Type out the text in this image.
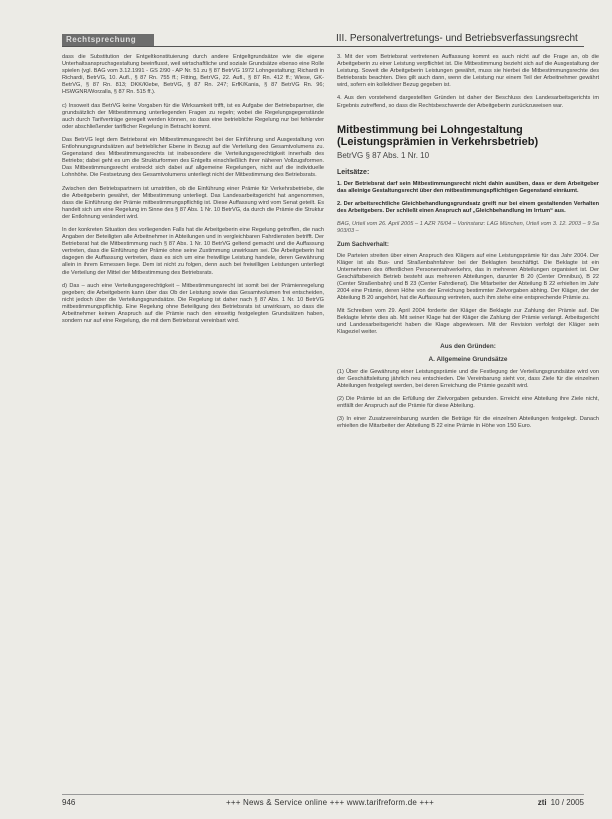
Rechtsprechung	III. Personalvertretungs- und Betriebsverfassungsrecht

dass die Substitution der Entgeltkonstituierung durch andere Entgeltgrundsätze wie die eigene Unterhaltsanspruchsgestaltung beeinflusst, weil wirtschaftliche und soziale Grundsätze ebenso eine Rolle spielen (vgl. BAG vom 3.12.1991 - GS 2/90 - AP Nr. 51 zu § 87 BetrVG 1972 Lohngestaltung; Richardi in Richardi, BetrVG, 10. Aufl., § 87 Rn. 755 ff.; Fitting, BetrVG, 22. Aufl., § 87 Rn. 412 ff.; Wiese, GK-BetrVG, § 87 Rn. 813; DKK/Klebe, BetrVG, § 87 Rn. 247; ErfK/Kania, § 87 BetrVG Rn. 96; HSWGNR/Worzalla, § 87 Rn. 515 ff.).

c) Insoweit das BetrVG keine Vorgaben für die Wirksamkeit trifft, ist es Aufgabe der Betriebspartner, die grundsätzlich der Mitbestimmung unterliegenden Fragen zu regeln; wobei die Regelungsgegenstände auch durch Tarifverträge geregelt werden können, so dass eine betriebliche Regelung nur bei fehlender oder abschließender tariflicher Regelung in Betracht kommt.

Das BetrVG legt dem Betriebsrat ein Mitbestimmungsrecht bei der Einführung und Ausgestaltung von Entlohnungsgrundsätzen auf betrieblicher Ebene in Bezug auf die Verteilung des Gesamtvolumens zu. Gegenstand des Mitbestimmungsrechts ist insbesondere die Verteilungsgerechtigkeit innerhalb des Betriebs; dabei geht es um die Strukturformen des Entgelts einschließlich ihrer näheren Vollzugsformen. Das Mitbestimmungsrecht erstreckt sich dabei auf allgemeine Regelungen, nicht auf die individuelle Lohnhöhe. Die Festsetzung des Gesamtvolumens unterliegt nicht der Mitbestimmung des Betriebsrats.

Zwischen den Betriebspartnern ist umstritten, ob die Einführung einer Prämie für Verkehrsbetriebe, die die Arbeitgeberin gewährt, der Mitbestimmung unterliegt. Das Landesarbeitsgericht hat angenommen, dass die Einführung der Prämie mitbestimmungspflichtig ist. Diese Auffassung wird vom Senat geteilt. Es handelt sich um eine Regelung im Sinne des § 87 Abs. 1 Nr. 10 BetrVG, da durch die Prämie die Struktur der Entlohnung verändert wird.

In der konkreten Situation des vorliegenden Falls hat die Arbeitgeberin eine Regelung getroffen, die nach Angaben der Beteiligten alle Arbeitnehmer in Abteilungen und in vergleichbaren Fahrdiensten betrifft. Der Betriebsrat hat die Mitbestimmung nach § 87 Abs. 1 Nr. 10 BetrVG geltend gemacht und die Auffassung vertreten, dass die Einführung der Prämie ohne seine Zustimmung unwirksam sei. Die Arbeitgeberin hat dagegen die Auffassung vertreten, dass es sich um eine freiwillige Leistung handele, deren Gewährung allein in ihrem Ermessen liege. Dem ist nicht zu folgen, denn auch bei freiwilligen Leistungen unterliegt die Verteilung der Mittel der Mitbestimmung des Betriebsrats.

d) Das – auch eine Verteilungsgerechtigkeit – Mitbestimmungsrecht ist somit bei der Prämienregelung gegeben; die Arbeitgeberin kann über das Ob der Leistung sowie das Gesamtvolumen frei entscheiden, nicht jedoch über die Verteilungsgrundsätze. Die Regelung ist daher nach § 87 Abs. 1 Nr. 10 BetrVG mitbestimmungspflichtig. Eine Regelung ohne Beteiligung des Betriebsrats ist unwirksam, so dass die Arbeitnehmer keinen Anspruch auf die Prämie nach den einseitig festgelegten Grundsätzen haben, sondern nur auf eine Regelung, die mit dem Betriebsrat vereinbart wird.

3. Mit der vom Betriebsrat vertretenen Auffassung kommt es auch nicht auf die Frage an, ob die Arbeitgeberin zu einer Leistung verpflichtet ist. Die Mitbestimmung bezieht sich auf die Ausgestaltung der Leistung. Soweit die Arbeitgeberin Leistungen gewährt, muss sie hierbei die Mitbestimmungsrechte des Betriebsrats beachten. Dies gilt auch dann, wenn die Leistung nur einem Teil der Arbeitnehmer gewährt wird, sofern ein kollektiver Bezug gegeben ist.

4. Aus den vorstehend dargestellten Gründen ist daher der Beschluss des Landesarbeitsgerichts im Ergebnis zutreffend, so dass die Rechtsbeschwerde der Arbeitgeberin zurückzuweisen war.

Mitbestimmung bei Lohngestaltung (Leistungsprämien in Verkehrsbetrieb)
BetrVG § 87 Abs. 1 Nr. 10
Leitsätze:

1. Der Betriebsrat darf sein Mitbestimmungsrecht nicht dahin ausüben, dass er dem Arbeitgeber das alleinige Gestaltungsrecht über den mitbestimmungspflichtigen Gegenstand einräumt.

2. Der arbeitsrechtliche Gleichbehandlungsgrundsatz greift nur bei einem gestaltenden Verhalten des Arbeitgebers. Der schließt einen Anspruch auf „Gleichbehandlung im Irrtum“ aus.

BAG, Urteil vom 26. April 2005 – 1 AZR 76/04 – Vorinstanz: LAG München, Urteil vom 3. 12. 2003 – 9 Sa 903/03 –

Zum Sachverhalt:

Die Parteien streiten über einen Anspruch des Klägers auf eine Leistungsprämie für das Jahr 2004. Der Kläger ist als Bus- und Straßenbahnfahrer bei der Beklagten beschäftigt. Die Beklagte ist ein Unternehmen des öffentlichen Personennahverkehrs, das in mehreren Abteilungen organisiert ist. Der Geschäftsbereich Betrieb besteht aus mehreren Abteilungen, darunter B 20 (Center Omnibus), B 22 (Center Straßenbahn) und B 23 (Center Fahrdienst). Die Mitarbeiter der Abteilung B 22 erhielten im Jahr 2004 eine Prämie, deren Höhe von der Erreichung bestimmter Zielvorgaben abhing. Der Kläger, der der Abteilung B 20 angehört, hat die Auffassung vertreten, auch ihm stehe eine entsprechende Prämie zu.

Mit Schreiben vom 29. April 2004 forderte der Kläger die Beklagte zur Zahlung der Prämie auf. Die Beklagte lehnte dies ab. Mit seiner Klage hat der Kläger die Zahlung der Prämie verlangt. Arbeitsgericht und Landesarbeitsgericht haben die Klage abgewiesen. Mit der Revision verfolgt der Kläger sein Klageziel weiter.

Aus den Gründen:
A. Allgemeine Grundsätze

(1) Über die Gewährung einer Leistungsprämie und die Festlegung der Verteilungsgrundsätze wird von der Geschäftsleitung jährlich neu entschieden. Die Vereinbarung sieht vor, dass Ziele für die einzelnen Abteilungen festgelegt werden, bei deren Erreichung die Prämie gezahlt wird.

(2) Die Prämie ist an die Erfüllung der Zielvorgaben gebunden. Erreicht eine Abteilung ihre Ziele nicht, entfällt der Anspruch auf die Prämie für diese Abteilung.

(3) In einer Zusatzvereinbarung wurden die Beträge für die einzelnen Abteilungen festgelegt. Danach erhielten die Mitarbeiter der Abteilung B 22 eine Prämie in Höhe von 150 Euro.

946	+++ News & Service online +++ www.tarifreform.de +++	zti 10 / 2005
